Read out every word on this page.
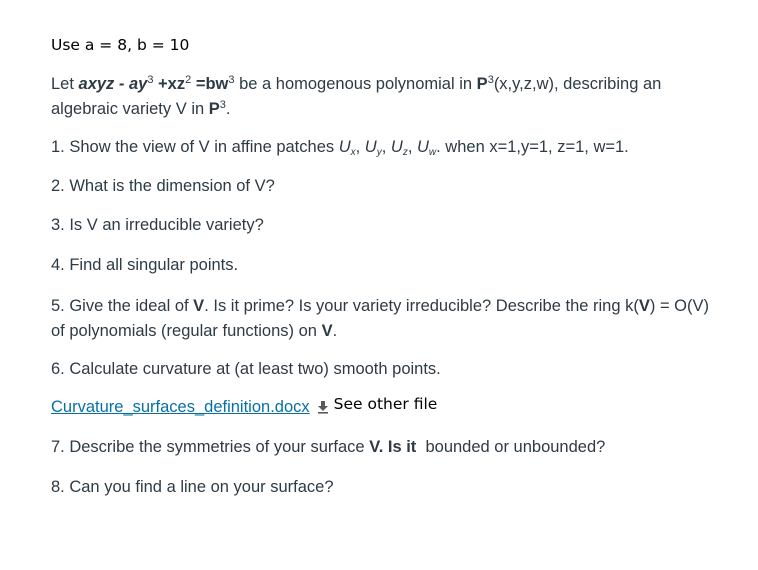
Use a = 8, b = 10
Let axyz - $ay^3 +xz^2 =bw^3$ be a homogenous polynomial in $P^3(x,y,z,w)$, describing an algebraic variety V in $P^3$.
1. Show the view of V in affine patches $U_x$, $U_y$, $U_z$, $U_w$. when x=1,y=1, z=1, w=1.
2. What is the dimension of V?
3. Is V an irreducible variety?
4. Find all singular points.
5. Give the ideal of V. Is it prime? Is your variety irreducible? Describe the ring k(V) = O(V) of polynomials (regular functions) on V.
6. Calculate curvature at (at least two) smooth points.
Curvature_surfaces_definition.docx See other file
7. Describe the symmetries of your surface V. Is it  bounded or unbounded?
8. Can you find a line on your surface?
